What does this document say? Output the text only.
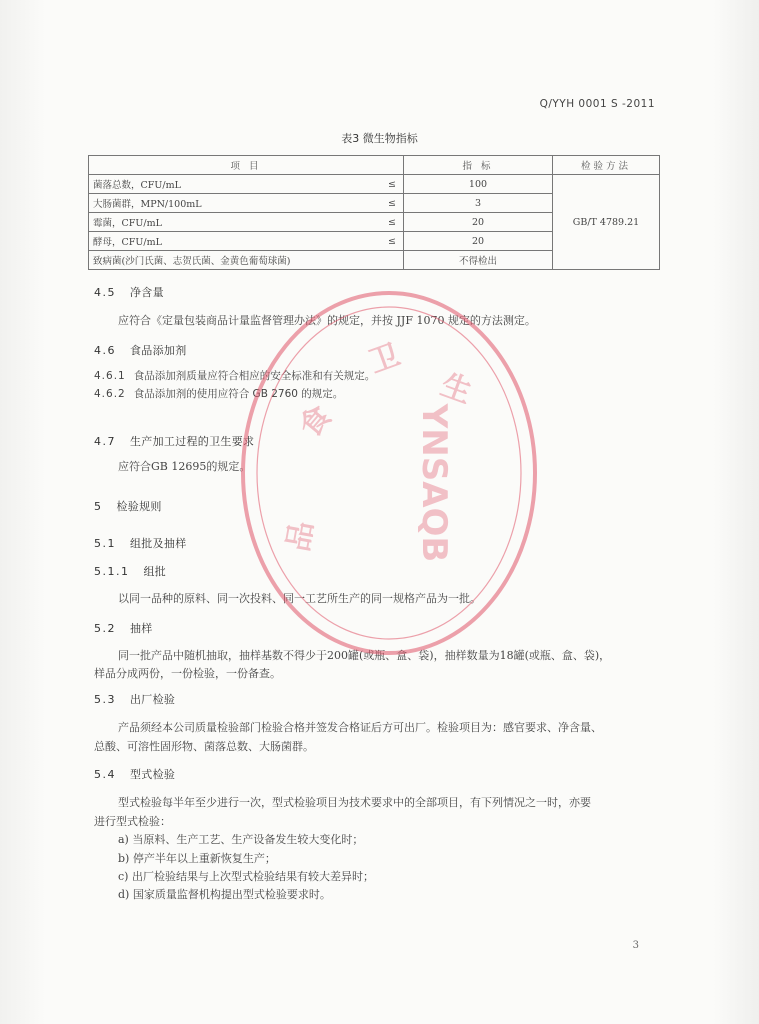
Q/YYH 0001 S -2011
表3 微生物指标
项 目		指 标	检验方法
菌落总数，CFU/mL	≤	100	GB/T 4789.21
大肠菌群，MPN/100mL	≤	3	
霉菌，CFU/mL	≤	20	
酵母，CFU/mL	≤	20	
致病菌(沙门氏菌、志贺氏菌、金黄色葡萄球菌)		不得检出	
4.5 净含量
应符合《定量包装商品计量监督管理办法》的规定，并按 JJF 1070 规定的方法测定。
4.6 食品添加剂
4.6.1 食品添加剂质量应符合相应的安全标准和有关规定。
4.6.2 食品添加剂的使用应符合 GB 2760 的规定。
4.7 生产加工过程的卫生要求
应符合GB 12695的规定。
5 检验规则
5.1 组批及抽样
5.1.1 组批
以同一品种的原料、同一次投料、同一工艺所生产的同一规格产品为一批。
5.2 抽样
同一批产品中随机抽取，抽样基数不得少于200罐(或瓶、盒、袋)，抽样数量为18罐(或瓶、盒、袋)，
样品分成两份，一份检验，一份备查。
5.3 出厂检验
产品须经本公司质量检验部门检验合格并签发合格证后方可出厂。检验项目为：感官要求、净含量、
总酸、可溶性固形物、菌落总数、大肠菌群。
5.4 型式检验
型式检验每半年至少进行一次，型式检验项目为技术要求中的全部项目，有下列情况之一时，亦要
进行型式检验：
a) 当原料、生产工艺、生产设备发生较大变化时；
b) 停产半年以上重新恢复生产；
c) 出厂检验结果与上次型式检验结果有较大差异时；
d) 国家质量监督机构提出型式检验要求时。
3
卫
食
品
生
YNSAQB
